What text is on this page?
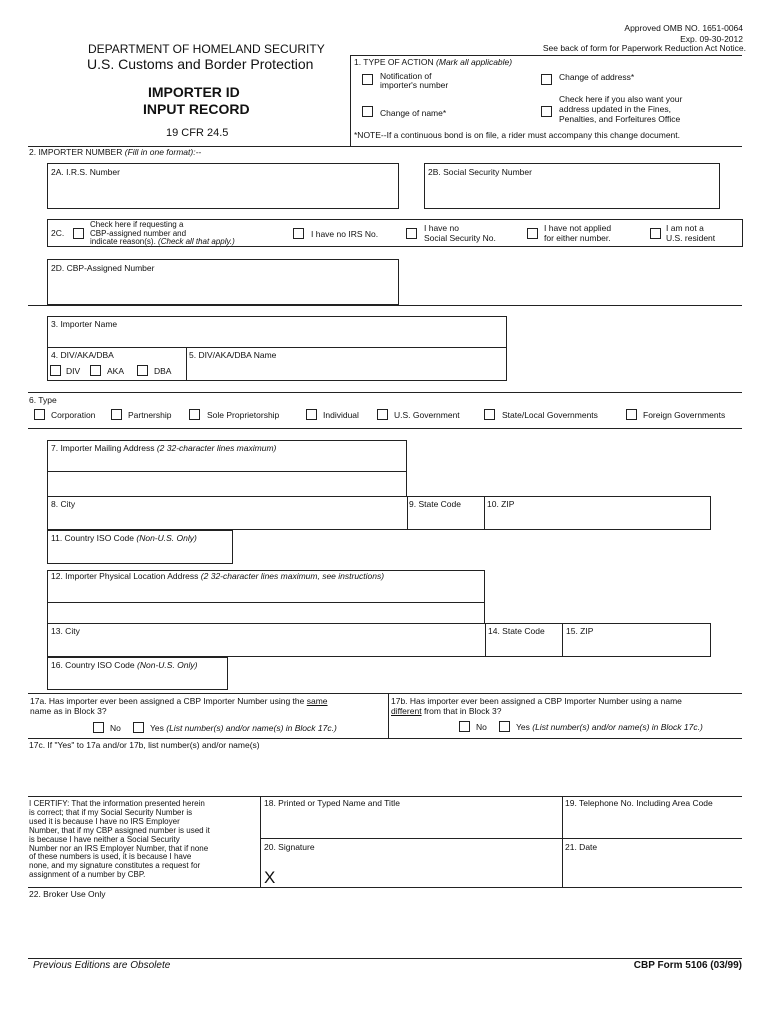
Approved OMB NO. 1651-0064
Exp. 09-30-2012
See back of form for Paperwork Reduction Act Notice.
DEPARTMENT OF HOMELAND SECURITY
U.S. Customs and Border Protection
IMPORTER ID
INPUT RECORD
19 CFR 24.5
1. TYPE OF ACTION (Mark all applicable)
Notification of
importer's number
Change of address*
Change of name*
Check here if you also want your
address updated in the Fines,
Penalties, and Forfeitures Office
*NOTE--If a continuous bond is on file, a rider must accompany this change document.
2. IMPORTER NUMBER (Fill in one format):--
2A. I.R.S. Number	2B. Social Security Number
2C.
Check here if requesting a
CBP-assigned number and
indicate reason(s). (Check all that apply.)
I have no IRS No.
I have no
Social Security No.
I have not applied
for either number.
I am not a
U.S. resident
2D. CBP-Assigned Number
3. Importer Name
4. DIV/AKA/DBA
DIV	AKA	DBA
5. DIV/AKA/DBA Name
6. Type
Corporation	Partnership	Sole Proprietorship	Individual	U.S. Government	State/Local Governments	Foreign Governments
7. Importer Mailing Address (2 32-character lines maximum)
8. City	9. State Code	10. ZIP
11. Country ISO Code (Non-U.S. Only)
12. Importer Physical Location Address (2 32-character lines maximum, see instructions)
13. City	14. State Code	15. ZIP
16. Country ISO Code (Non-U.S. Only)
17a. Has importer ever been assigned a CBP Importer Number using the same
name as in Block 3?
No	Yes (List number(s) and/or name(s) in Block 17c.)
17b. Has importer ever been assigned a CBP Importer Number using a name
different from that in Block 3?
No	Yes (List number(s) and/or name(s) in Block 17c.)
17c. If "Yes" to 17a and/or 17b, list number(s) and/or name(s)
I CERTIFY: That the information presented herein
is correct; that if my Social Security Number is
used it is because I have no IRS Employer
Number, that if my CBP assigned number is used it
is because I have neither a Social Security
Number nor an IRS Employer Number, that if none
of these numbers is used, it is because I have
none, and my signature constitutes a request for
assignment of a number by CBP.
18. Printed or Typed Name and Title	19. Telephone No. Including Area Code
20. Signature
X
21. Date
22. Broker Use Only
Previous Editions are Obsolete	CBP Form 5106 (03/99)
